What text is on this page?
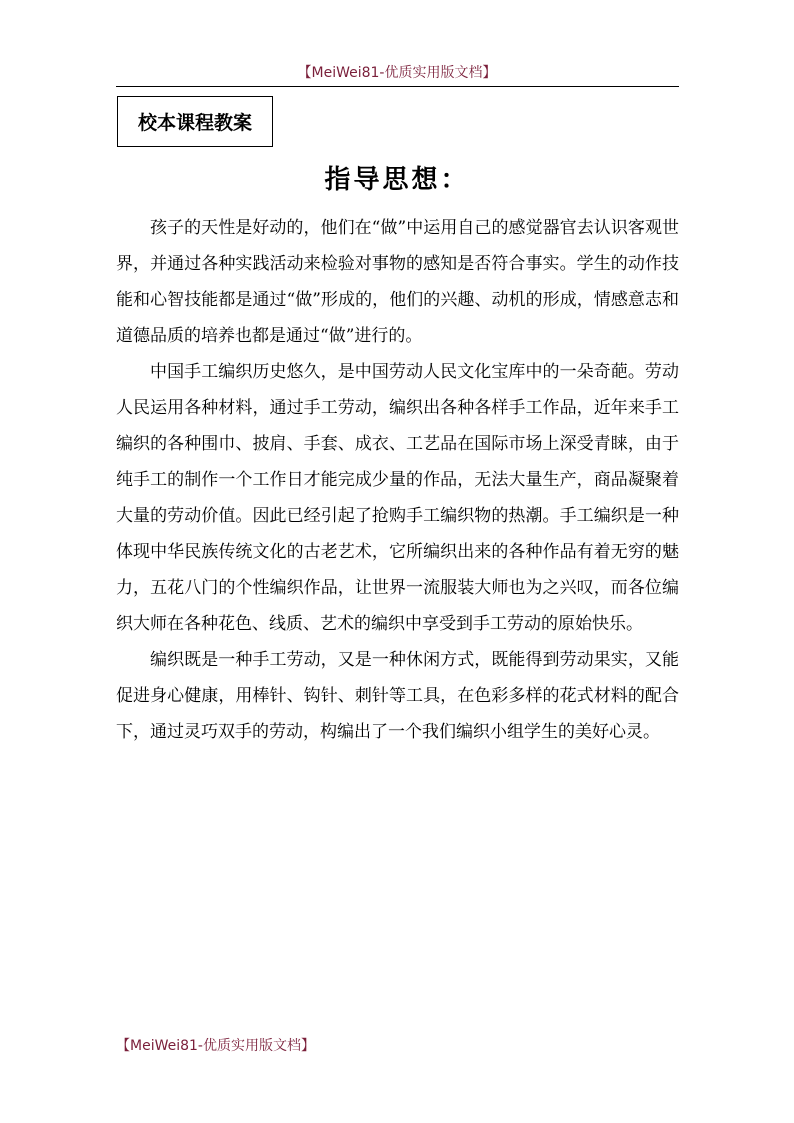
【MeiWei81-优质实用版文档】
校本课程教案
指导思想：

孩子的天性是好动的，他们在“做”中运用自己的感觉器官去认识客观世界，并通过各种实践活动来检验对事物的感知是否符合事实。学生的动作技能和心智技能都是通过“做”形成的，他们的兴趣、动机的形成，情感意志和道德品质的培养也都是通过“做”进行的。

中国手工编织历史悠久，是中国劳动人民文化宝库中的一朵奇葩。劳动人民运用各种材料，通过手工劳动，编织出各种各样手工作品，近年来手工编织的各种围巾、披肩、手套、成衣、工艺品在国际市场上深受青睐，由于纯手工的制作一个工作日才能完成少量的作品，无法大量生产，商品凝聚着大量的劳动价值。因此已经引起了抢购手工编织物的热潮。手工编织是一种体现中华民族传统文化的古老艺术，它所编织出来的各种作品有着无穷的魅力，五花八门的个性编织作品，让世界一流服装大师也为之兴叹，而各位编织大师在各种花色、线质、艺术的编织中享受到手工劳动的原始快乐。

编织既是一种手工劳动，又是一种休闲方式，既能得到劳动果实，又能促进身心健康，用棒针、钩针、刺针等工具，在色彩多样的花式材料的配合下，通过灵巧双手的劳动，构编出了一个我们编织小组学生的美好心灵。

【MeiWei81-优质实用版文档】
